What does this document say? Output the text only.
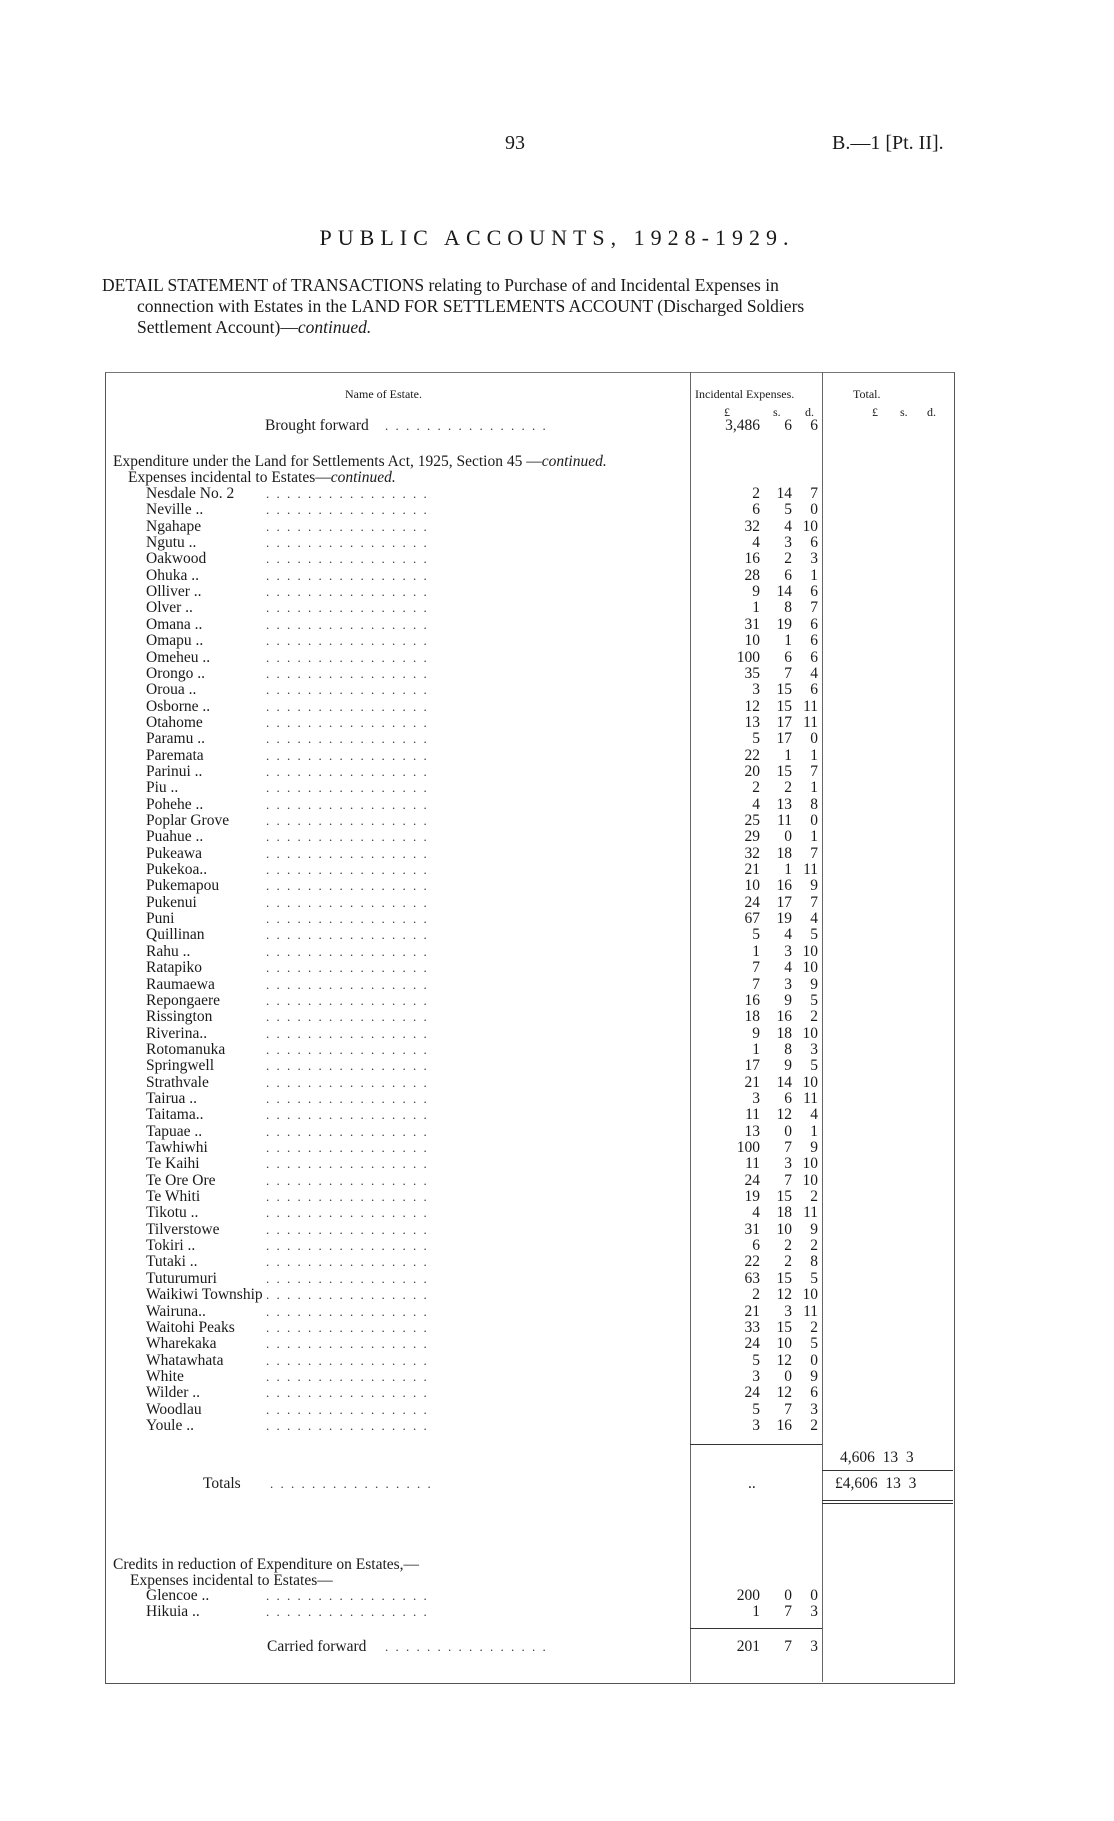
93	B.—1 [Pt. II].
PUBLIC ACCOUNTS, 1928-1929.
DETAIL STATEMENT of TRANSACTIONS relating to Purchase of and Incidental Expenses in
connection with Estates in the LAND FOR SETTLEMENTS ACCOUNT (Discharged Soldiers
Settlement Account)—continued.
Name of Estate.	Incidental Expenses.	Total.
£	s. d.	£ s. d.
Brought forward . . . . . . . . . . . . . . . .	3,486	6	6
Expenditure under the Land for Settlements Act, 1925, Section 45 —continued.
Expenses incidental to Estates—continued.
Nesdale No. 2 . . . . . . . . . . . . . . . .	2	14	7
Neville ..	. . . . . . . . . . . . . . . .	6	5	0
Ngahape	. . . . . . . . . . . . . . . .	32	4 10
Ngutu ..	. . . . . . . . . . . . . . . .	4	3	6
Oakwood	. . . . . . . . . . . . . . . .	16	2	3
Ohuka ..	. . . . . . . . . . . . . . . .	28	6	1
Olliver ..	. . . . . . . . . . . . . . . .	9	14	6
Olver ..	. . . . . . . . . . . . . . . .	1	8	7
Omana ..	. . . . . . . . . . . . . . . .	31	19	6
Omapu ..	. . . . . . . . . . . . . . . .	10	1	6
Omeheu ..	. . . . . . . . . . . . . . . .	100	6	6
Orongo ..	. . . . . . . . . . . . . . . .	35	7	4
Oroua ..	. . . . . . . . . . . . . . . .	3	15	6
Osborne ..	. . . . . . . . . . . . . . . .	12	15 11
Otahome	. . . . . . . . . . . . . . . .	13	17 11
Paramu ..	. . . . . . . . . . . . . . . .	5	17	0
Paremata	. . . . . . . . . . . . . . . .	22	1	1
Parinui ..	. . . . . . . . . . . . . . . .	20	15	7
Piu ..	. . . . . . . . . . . . . . . .	2	2	1
Pohehe ..	. . . . . . . . . . . . . . . .	4	13	8
Poplar Grove	. . . . . . . . . . . . . . . .	25	11	0
Puahue ..	. . . . . . . . . . . . . . . .	29	0	1
Pukeawa	. . . . . . . . . . . . . . . .	32	18	7
Pukekoa..	. . . . . . . . . . . . . . . .	21	1 11
Pukemapou	. . . . . . . . . . . . . . . .	10	16	9
Pukenui	. . . . . . . . . . . . . . . .	24	17	7
Puni	. . . . . . . . . . . . . . . .	67	19	4
Quillinan	. . . . . . . . . . . . . . . .	5	4	5
Rahu ..	. . . . . . . . . . . . . . . .	1	3 10
Ratapiko	. . . . . . . . . . . . . . . .	7	4 10
Raumaewa	. . . . . . . . . . . . . . . .	7	3	9
Repongaere	. . . . . . . . . . . . . . . .	16	9	5
Rissington	. . . . . . . . . . . . . . . .	18	16	2
Riverina..	. . . . . . . . . . . . . . . .	9	18 10
Rotomanuka	. . . . . . . . . . . . . . . .	1	8	3
Springwell	. . . . . . . . . . . . . . . .	17	9	5
Strathvale	. . . . . . . . . . . . . . . .	21	14 10
Tairua ..	. . . . . . . . . . . . . . . .	3	6 11
Taitama..	. . . . . . . . . . . . . . . .	11	12	4
Tapuae ..	. . . . . . . . . . . . . . . .	13	0	1
Tawhiwhi	. . . . . . . . . . . . . . . .	100	7	9
Te Kaihi	. . . . . . . . . . . . . . . .	11	3 10
Te Ore Ore	. . . . . . . . . . . . . . . .	24	7 10
Te Whiti	. . . . . . . . . . . . . . . .	19	15	2
Tikotu ..	. . . . . . . . . . . . . . . .	4	18 11
Tilverstowe	. . . . . . . . . . . . . . . .	31	10	9
Tokiri ..	. . . . . . . . . . . . . . . .	6	2	2
Tutaki ..	. . . . . . . . . . . . . . . .	22	2	8
Tuturumuri	. . . . . . . . . . . . . . . .	63	15	5
Waikiwi Township . . . . . . . . . . . . . . . .	2	12 10
Wairuna..	. . . . . . . . . . . . . . . .	21	3 11
Waitohi Peaks . . . . . . . . . . . . . . . .	33	15	2
Wharekaka	. . . . . . . . . . . . . . . .	24	10	5
Whatawhata	. . . . . . . . . . . . . . . .	5	12	0
White	. . . . . . . . . . . . . . . .	3	0	9
Wilder ..	. . . . . . . . . . . . . . . .	24	12	6
Woodlau	. . . . . . . . . . . . . . . .	5	7	3
Youle ..	. . . . . . . . . . . . . . . .	3	16	2
4,606 13 3
Totals . . . . . . . . . . . . . . . .	..	£4,606 13 3
Credits in reduction of Expenditure on Estates,—
Expenses incidental to Estates—
Glencoe ..	. . . . . . . . . . . . . . . .	200	0	0
Hikuia ..	. . . . . . . . . . . . . . . .	1	7	3
Carried forward . . . . . . . . . . . . . . . .	201	7	3
